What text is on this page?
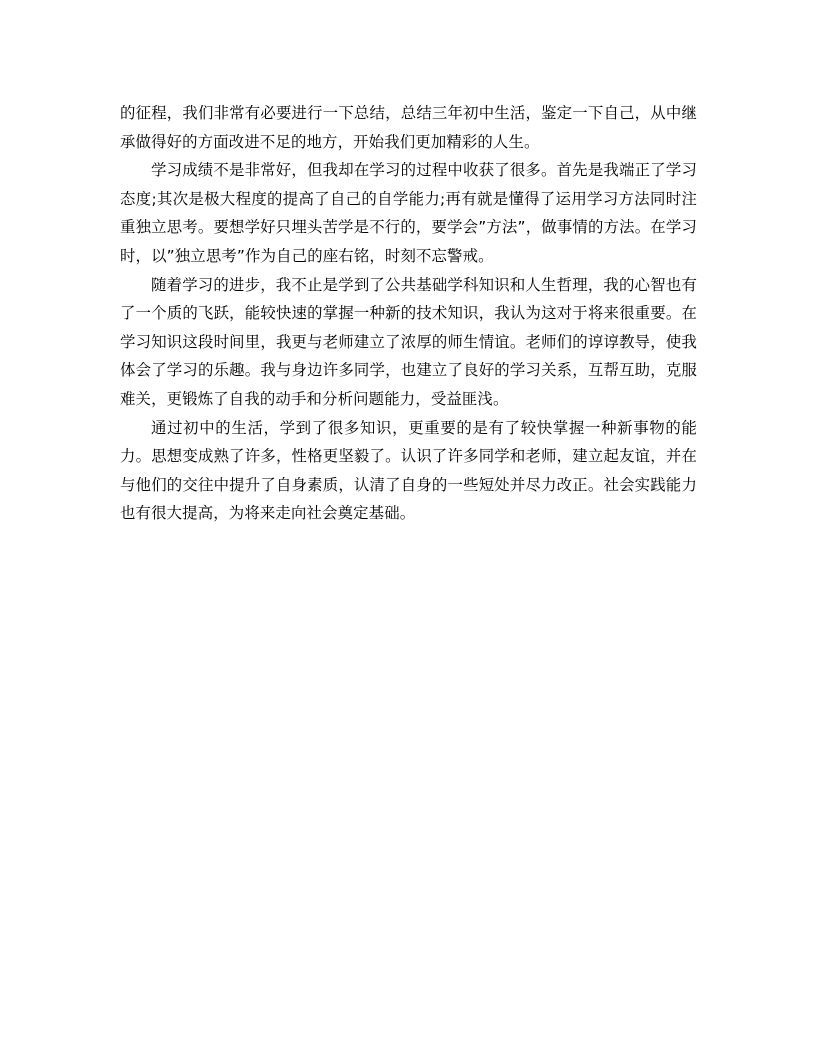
的征程，我们非常有必要进行一下总结，总结三年初中生活，鉴定一下自己，从中继承做得好的方面改进不足的地方，开始我们更加精彩的人生。

学习成绩不是非常好，但我却在学习的过程中收获了很多。首先是我端正了学习态度;其次是极大程度的提高了自己的自学能力;再有就是懂得了运用学习方法同时注重独立思考。要想学好只埋头苦学是不行的，要学会”方法”，做事情的方法。在学习时，以”独立思考”作为自己的座右铭，时刻不忘警戒。

随着学习的进步，我不止是学到了公共基础学科知识和人生哲理，我的心智也有了一个质的飞跃，能较快速的掌握一种新的技术知识，我认为这对于将来很重要。在学习知识这段时间里，我更与老师建立了浓厚的师生情谊。老师们的谆谆教导，使我体会了学习的乐趣。我与身边许多同学，也建立了良好的学习关系，互帮互助，克服难关，更锻炼了自我的动手和分析问题能力，受益匪浅。

通过初中的生活，学到了很多知识，更重要的是有了较快掌握一种新事物的能力。思想变成熟了许多，性格更坚毅了。认识了许多同学和老师，建立起友谊，并在与他们的交往中提升了自身素质，认清了自身的一些短处并尽力改正。社会实践能力也有很大提高，为将来走向社会奠定基础。
